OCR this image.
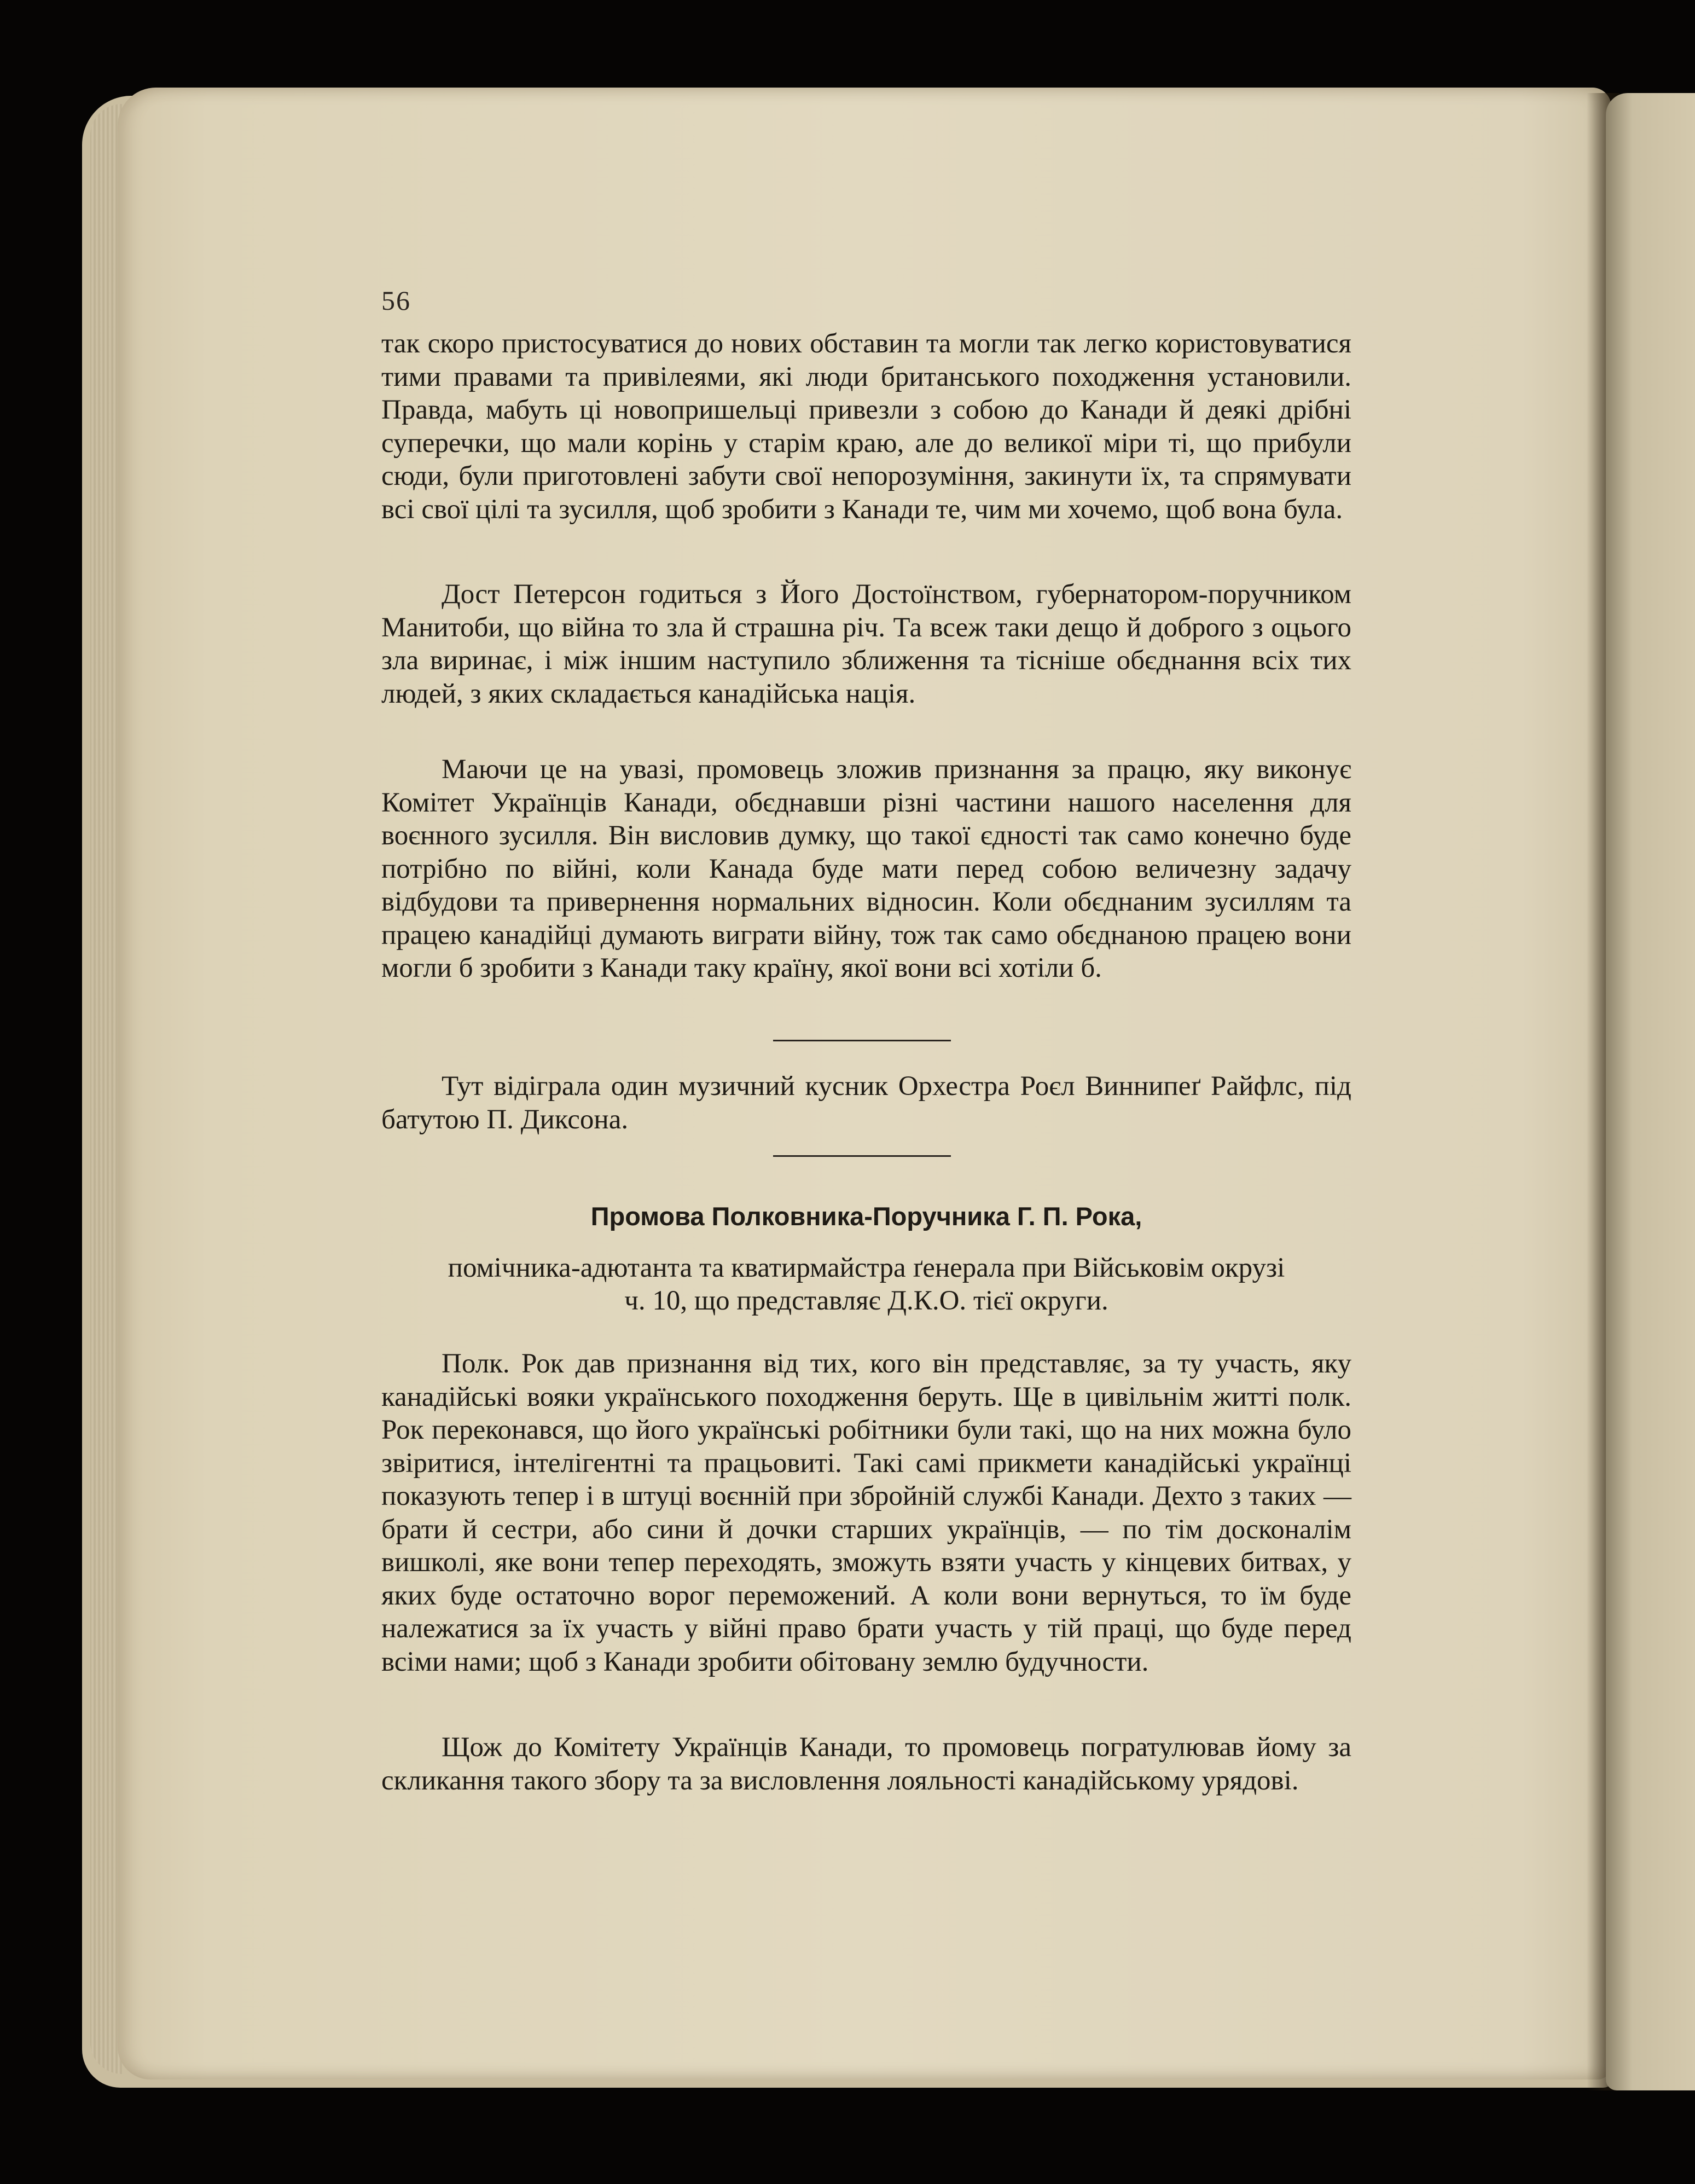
56

так скоро пристосуватися до нових обставин та могли так легко користовуватися тими правами та привілеями, які люди британського походження установили. Правда, мабуть ці новопришельці привезли з собою до Канади й деякі дрібні суперечки, що мали корінь у старім краю, але до великої міри ті, що прибули сюди, були приготовлені забути свої непорозуміння, закинути їх, та спрямувати всі свої цілі та зусилля, щоб зробити з Канади те, чим ми хочемо, щоб вона була.

Дост Петерсон годиться з Його Достоїнством, губернатором-поручником Манитоби, що війна то зла й страшна річ. Та всеж таки дещо й доброго з оцього зла виринає, і між іншим наступило зближення та тісніше обєднання всіх тих людей, з яких складається канадійська нація.

Маючи це на увазі, промовець зложив признання за працю, яку виконує Комітет Українців Канади, обєднавши різні частини нашого населення для воєнного зусилля. Він висловив думку, що такої єдності так само конечно буде потрібно по війні, коли Канада буде мати перед собою величезну задачу відбудови та привернення нормальних відносин. Коли обєднаним зусиллям та працею канадійці думають виграти війну, тож так само обєднаною працею вони могли б зробити з Канади таку країну, якої вони всі хотіли б.

Тут відіграла один музичний кусник Орхестра Роєл Виннипеґ Райфлс, під батутою П. Диксона.

Промова Полковника-Поручника Г. П. Рока,
помічника-адютанта та кватирмайстра ґенерала при Військовім окрузі
ч. 10, що представляє Д.К.О. тієї округи.

Полк. Рок дав признання від тих, кого він представляє, за ту участь, яку канадійські вояки українського походження беруть. Ще в цивільнім житті полк. Рок переконався, що його українські робітники були такі, що на них можна було звіритися, інтелігентні та працьовиті. Такі самі прикмети канадійські українці показують тепер і в штуці воєнній при збройній службі Канади. Дехто з таких — брати й сестри, або сини й дочки старших українців, — по тім досконалім вишколі, яке вони тепер переходять, зможуть взяти участь у кінцевих битвах, у яких буде остаточно ворог переможений. А коли вони вернуться, то їм буде належатися за їх участь у війні право брати участь у тій праці, що буде перед всіми нами; щоб з Канади зробити обітовану землю будучности.

Щож до Комітету Українців Канади, то промовець погратулював йому за скликання такого збору та за висловлення лояльності канадійському урядові.
